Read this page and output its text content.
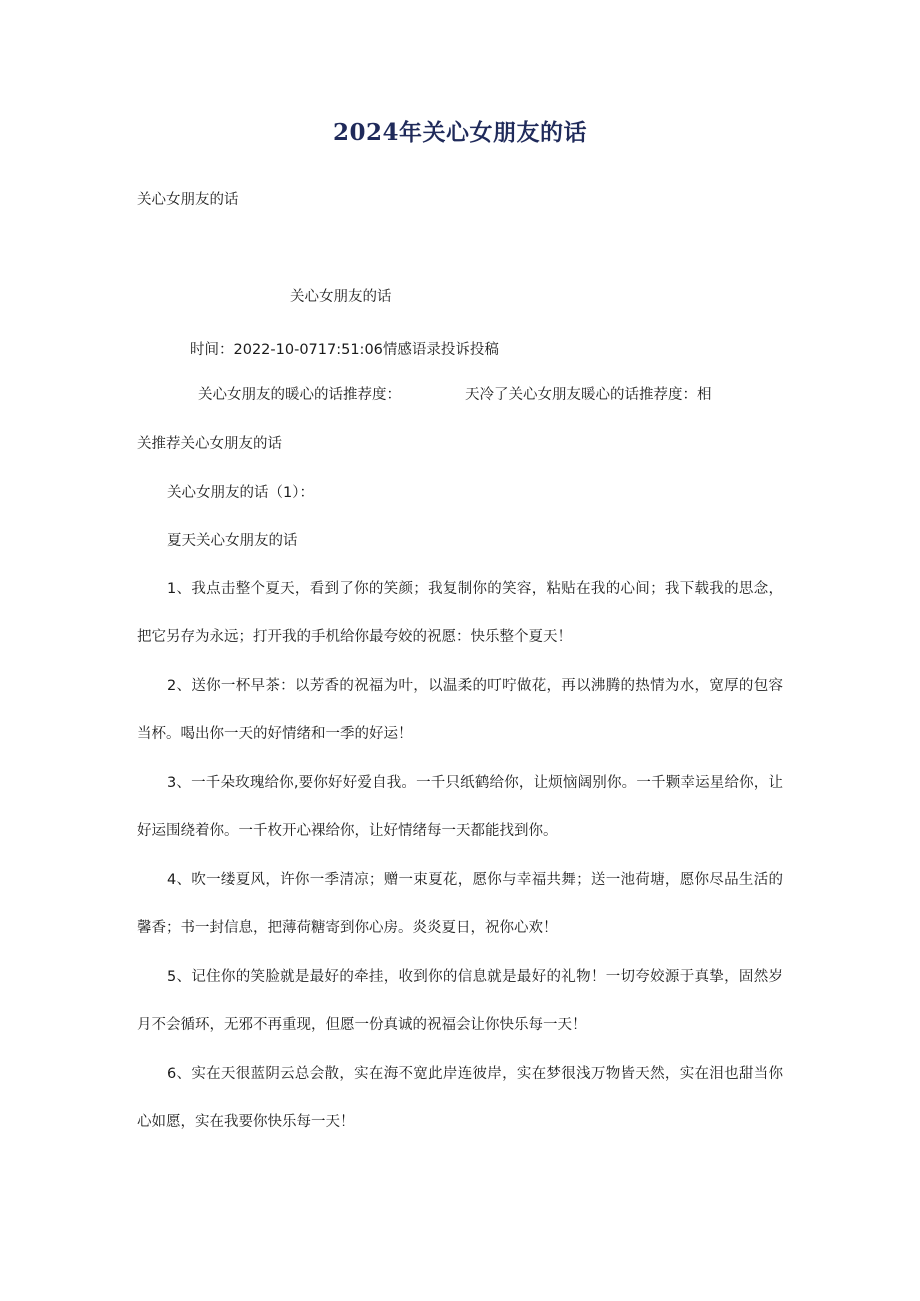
2024年关心女朋友的话
关心女朋友的话
关心女朋友的话
时间：2022-10-0717:51:06情感语录投诉投稿
关心女朋友的暖心的话推荐度：	天冷了关心女朋友暖心的话推荐度：相
关推荐关心女朋友的话
关心女朋友的话（1）：
夏天关心女朋友的话

1、我点击整个夏天，看到了你的笑颜；我复制你的笑容，粘贴在我的心间；我下载我的思念，把它另存为永远；打开我的手机给你最夸姣的祝愿：快乐整个夏天！

2、送你一杯早茶：以芳香的祝福为叶，以温柔的叮咛做花，再以沸腾的热情为水，宽厚的包容当杯。喝出你一天的好情绪和一季的好运！

3、一千朵玫瑰给你,要你好好爱自我。一千只纸鹤给你，让烦恼阔别你。一千颗幸运星给你，让好运围绕着你。一千枚开心裸给你，让好情绪每一天都能找到你。

4、吹一缕夏风，许你一季清凉；赠一束夏花，愿你与幸福共舞；送一池荷塘，愿你尽品生活的馨香；书一封信息，把薄荷糖寄到你心房。炎炎夏日，祝你心欢！

5、记住你的笑脸就是最好的牵挂，收到你的信息就是最好的礼物！一切夸姣源于真挚，固然岁月不会循环，无邪不再重现，但愿一份真诚的祝福会让你快乐每一天！

6、实在天很蓝阴云总会散，实在海不宽此岸连彼岸，实在梦很浅万物皆天然，实在泪也甜当你心如愿，实在我要你快乐每一天！
